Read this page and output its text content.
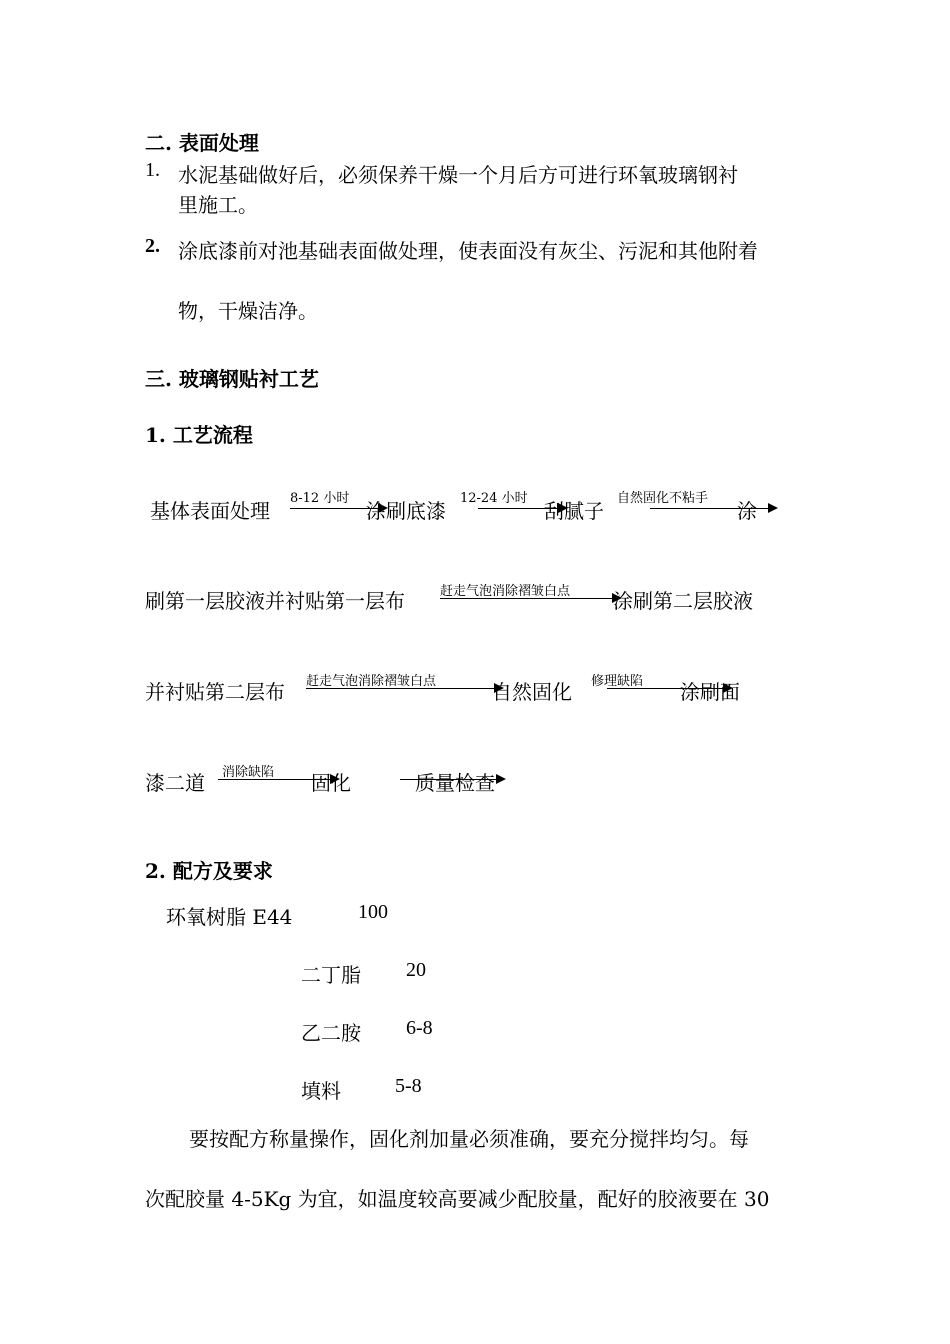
二. 表面处理
1. 水泥基础做好后，必须保养干燥一个月后方可进行环氧玻璃钢衬
里施工。
2. 涂底漆前对池基础表面做处理，使表面没有灰尘、污泥和其他附着
物，干燥洁净。
三. 玻璃钢贴衬工艺
1. 工艺流程
基体表面处理
8-12 小时
涂刷底漆
12-24 小时
刮腻子
自然固化不粘手
涂
刷第一层胶液并衬贴第一层布	赶走气泡消除褶皱白点 涂刷第二层胶液
并衬贴第二层布 赶走气泡消除褶皱白点	自然固化 修理缺陷 涂刷面
漆二道 消除缺陷 固化	质量检查
2. 配方及要求
环氧树脂 E44	100
二丁脂 20
乙二胺 6-8
填料	5-8
要按配方称量操作，固化剂加量必须准确，要充分搅拌均匀。每
次配胶量 4-5Kg 为宜，如温度较高要减少配胶量，配好的胶液要在 30
